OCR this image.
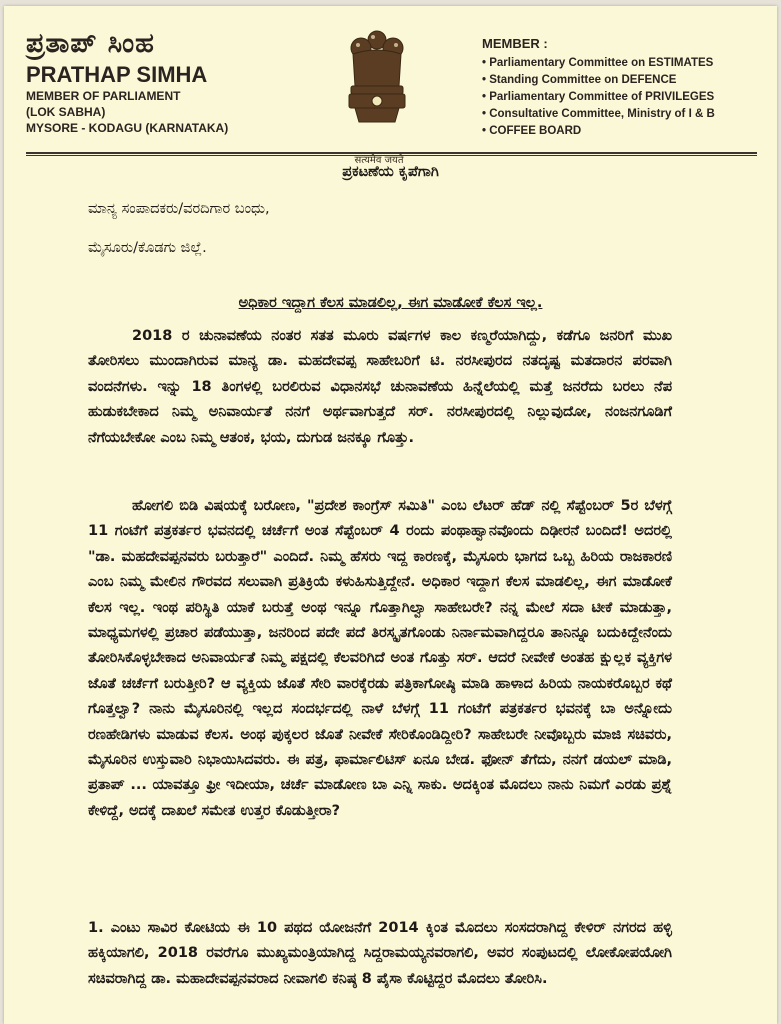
ಪ್ರತಾಪ್ ಸಿಂಹ
PRATHAP SIMHA
MEMBER OF PARLIAMENT
(LOK SABHA)
MYSORE - KODAGU (KARNATAKA)
सत्यमेव जयते
MEMBER :
• Parliamentary Committee on ESTIMATES
• Standing Committee on DEFENCE
• Parliamentary Committee of PRIVILEGES
• Consultative Committee, Ministry of I & B
• COFFEE BOARD
ಪ್ರಕಟಣೆಯ ಕೃಪೆಗಾಗಿ
ಮಾನ್ಯ ಸಂಪಾದಕರು/ವರದಿಗಾರ ಬಂಧು,
ಮೈಸೂರು/ಕೊಡಗು ಜಿಲ್ಲೆ.
ಅಧಿಕಾರ ಇದ್ದಾಗ ಕೆಲಸ ಮಾಡಲಿಲ್ಲ, ಈಗ ಮಾಡೋಕೆ ಕೆಲಸ ಇಲ್ಲ.
2018 ರ ಚುನಾವಣೆಯ ನಂತರ ಸತತ ಮೂರು ವರ್ಷಗಳ ಕಾಲ ಕಣ್ಮರೆಯಾಗಿದ್ದು, ಕಡೆಗೂ ಜನರಿಗೆ ಮುಖ ತೋರಿಸಲು ಮುಂದಾಗಿರುವ ಮಾನ್ಯ ಡಾ. ಮಹದೇವಪ್ಪ ಸಾಹೇಬರಿಗೆ ಟಿ. ನರಸೀಪುರದ ನತದೃಷ್ಟ ಮತದಾರನ ಪರವಾಗಿ ವಂದನೆಗಳು. ಇನ್ನು 18 ತಿಂಗಳಲ್ಲಿ ಬರಲಿರುವ ವಿಧಾನಸಭೆ ಚುನಾವಣೆಯ ಹಿನ್ನೆಲೆಯಲ್ಲಿ ಮತ್ತೆ ಜನರೆದು ಬರಲು ನೆಪ ಹುಡುಕಬೇಕಾದ ನಿಮ್ಮ ಅನಿವಾರ್ಯತೆ ನನಗೆ ಅರ್ಥವಾಗುತ್ತದೆ ಸರ್. ನರಸೀಪುರದಲ್ಲಿ ನಿಲ್ಲುವುದೋ, ನಂಜನಗೂಡಿಗೆ ನೆಗೆಯಬೇಕೋ ಎಂಬ ನಿಮ್ಮ ಆತಂಕ, ಭಯ, ದುಗುಡ ಜನಕ್ಕೂ ಗೊತ್ತು.
ಹೋಗಲಿ ಬಿಡಿ ವಿಷಯಕ್ಕೆ ಬರೋಣ, "ಪ್ರದೇಶ ಕಾಂಗ್ರೆಸ್ ಸಮಿತಿ" ಎಂಬ ಲೆಟರ್ ಹೆಡ್ ನಲ್ಲಿ ಸೆಪ್ಟೆಂಬರ್ 5ರ ಬೆಳಗ್ಗೆ 11 ಗಂಟೆಗೆ ಪತ್ರಕರ್ತರ ಭವನದಲ್ಲಿ ಚರ್ಚೆಗೆ ಅಂತ ಸೆಪ್ಟೆಂಬರ್ 4 ರಂದು ಪಂಥಾಹ್ವಾನವೊಂದು ದಿಢೀರನೆ ಬಂದಿದೆ! ಅದರಲ್ಲಿ "ಡಾ. ಮಹದೇವಪ್ಪನವರು ಬರುತ್ತಾರೆ" ಎಂದಿದೆ. ನಿಮ್ಮ ಹೆಸರು ಇದ್ದ ಕಾರಣಕ್ಕೆ, ಮೈಸೂರು ಭಾಗದ ಒಬ್ಬ ಹಿರಿಯ ರಾಜಕಾರಣಿ ಎಂಬ ನಿಮ್ಮ ಮೇಲಿನ ಗೌರವದ ಸಲುವಾಗಿ ಪ್ರತಿಕ್ರಿಯೆ ಕಳುಹಿಸುತ್ತಿದ್ದೇನೆ. ಅಧಿಕಾರ ಇದ್ದಾಗ ಕೆಲಸ ಮಾಡಲಿಲ್ಲ, ಈಗ ಮಾಡೋಕೆ ಕೆಲಸ ಇಲ್ಲ. ಇಂಥ ಪರಿಸ್ಥಿತಿ ಯಾಕೆ ಬರುತ್ತೆ ಅಂಥ ಇನ್ನೂ ಗೊತ್ತಾಗಿಲ್ವಾ ಸಾಹೇಬರೇ? ನನ್ನ ಮೇಲೆ ಸದಾ ಟೀಕೆ ಮಾಡುತ್ತಾ, ಮಾಧ್ಯಮಗಳಲ್ಲಿ ಪ್ರಚಾರ ಪಡೆಯುತ್ತಾ, ಜನರಿಂದ ಪದೇ ಪದೆ ತಿರಸ್ಕೃತಗೊಂಡು ನಿರ್ನಾಮವಾಗಿದ್ದರೂ ತಾನಿನ್ನೂ ಬದುಕಿದ್ದೇನೆಂದು ತೋರಿಸಿಕೊಳ್ಳಬೇಕಾದ ಅನಿವಾರ್ಯತೆ ನಿಮ್ಮ ಪಕ್ಷದಲ್ಲಿ ಕೆಲವರಿಗಿದೆ ಅಂತ ಗೊತ್ತು ಸರ್. ಆದರೆ ನೀವೇಕೆ ಅಂತಹ ಕ್ಷುಲ್ಲಕ ವ್ಯಕ್ತಿಗಳ ಜೊತೆ ಚರ್ಚೆಗೆ ಬರುತ್ತೀರಿ? ಆ ವ್ಯಕ್ತಿಯ ಜೊತೆ ಸೇರಿ ವಾರಕ್ಕೆರಡು ಪತ್ರಿಕಾಗೋಷ್ಠಿ ಮಾಡಿ ಹಾಳಾದ ಹಿರಿಯ ನಾಯಕರೊಬ್ಬರ ಕಥೆ ಗೊತ್ತಲ್ವಾ? ನಾನು ಮೈಸೂರಿನಲ್ಲಿ ಇಲ್ಲದ ಸಂದರ್ಭದಲ್ಲಿ ನಾಳೆ ಬೆಳಗ್ಗೆ 11 ಗಂಟೆಗೆ ಪತ್ರಕರ್ತರ ಭವನಕ್ಕೆ ಬಾ ಅನ್ನೋದು ರಣಹೇಡಿಗಳು ಮಾಡುವ ಕೆಲಸ. ಅಂಥ ಪುಕ್ಕಲರ ಜೊತೆ ನೀವೇಕೆ ಸೇರಿಕೊಂಡಿದ್ದೀರಿ? ಸಾಹೇಬರೇ ನೀವೊಬ್ಬರು ಮಾಜಿ ಸಚಿವರು, ಮೈಸೂರಿನ ಉಸ್ತುವಾರಿ ನಿಭಾಯಿಸಿದವರು. ಈ ಪತ್ರ, ಫಾರ್ಮಾಲಿಟಿಸ್ ಏನೂ ಬೇಡ. ಫೋನ್ ತೆಗೆದು, ನನಗೆ ಡಯಲ್ ಮಾಡಿ, ಪ್ರತಾಪ್ ... ಯಾವತ್ತೂ ಫ್ರೀ ಇದೀಯಾ, ಚರ್ಚೆ ಮಾಡೋಣ ಬಾ ಎನ್ನಿ ಸಾಕು. ಅದಕ್ಕಿಂತ ಮೊದಲು ನಾನು ನಿಮಗೆ ಎರಡು ಪ್ರಶ್ನೆ ಕೇಳಿದ್ದೆ, ಅದಕ್ಕೆ ದಾಖಲೆ ಸಮೇತ ಉತ್ತರ ಕೊಡುತ್ತೀರಾ?
1. ಎಂಟು ಸಾವಿರ ಕೋಟಿಯ ಈ 10 ಪಥದ ಯೋಜನೆಗೆ 2014 ಕ್ಕಿಂತ ಮೊದಲು ಸಂಸದರಾಗಿದ್ದ ಕೇಳಿರ್ ನಗರದ ಹಳ್ಳಿ ಹಕ್ಕಿಯಾಗಲಿ, 2018 ರವರೆಗೂ ಮುಖ್ಯಮಂತ್ರಿಯಾಗಿದ್ದ ಸಿದ್ದರಾಮಯ್ಯನವರಾಗಲಿ, ಅವರ ಸಂಪುಟದಲ್ಲಿ ಲೋಕೋಪಯೋಗಿ ಸಚಿವರಾಗಿದ್ದ ಡಾ. ಮಹಾದೇವಪ್ಪನವರಾದ ನೀವಾಗಲಿ ಕನಿಷ್ಠ 8 ಪೈಸಾ ಕೊಟ್ಟಿದ್ದರ ಮೊದಲು ತೋರಿಸಿ.
